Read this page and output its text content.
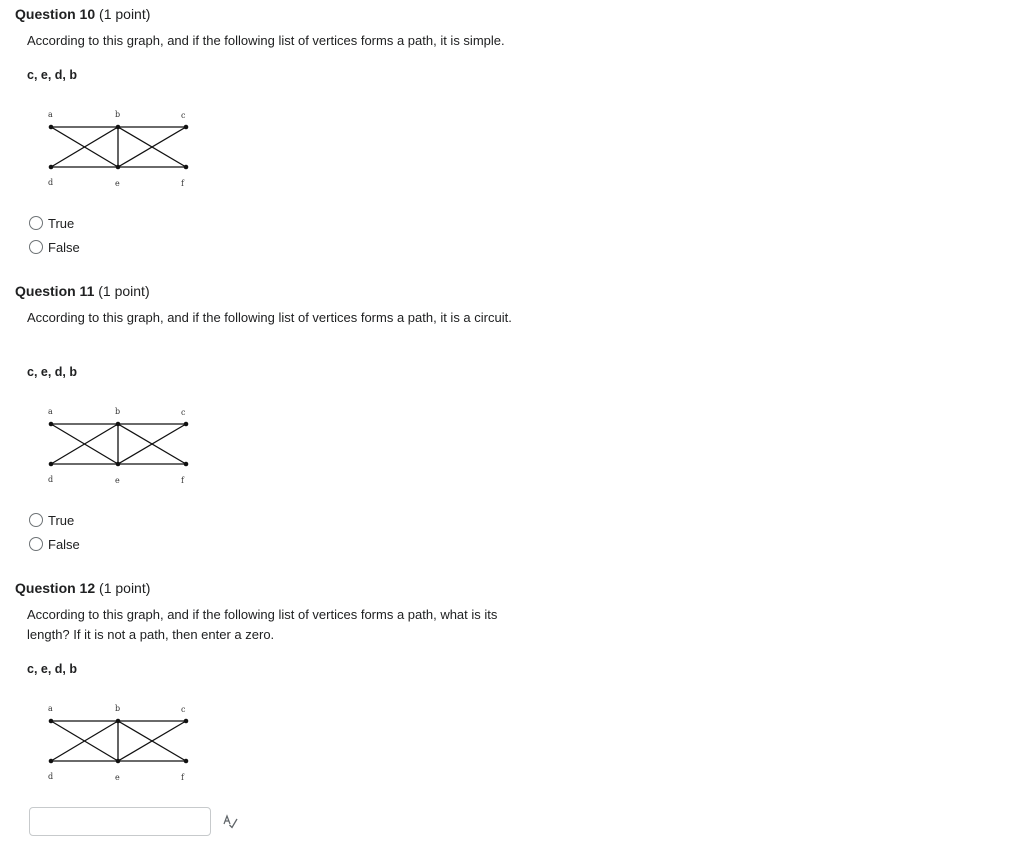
Question 10 (1 point)
According to this graph, and if the following list of vertices forms a path, it is simple.
c, e, d, b
a	b	c
d	e	f
True
False
Question 11 (1 point)
According to this graph, and if the following list of vertices forms a path, it is a circuit.
c, e, d, b
a	b	c
d	e	f
True
False
Question 12 (1 point)
According to this graph, and if the following list of vertices forms a path, what is its length? If it is not a path, then enter a zero.
c, e, d, b
a	b	c
d	e	f
